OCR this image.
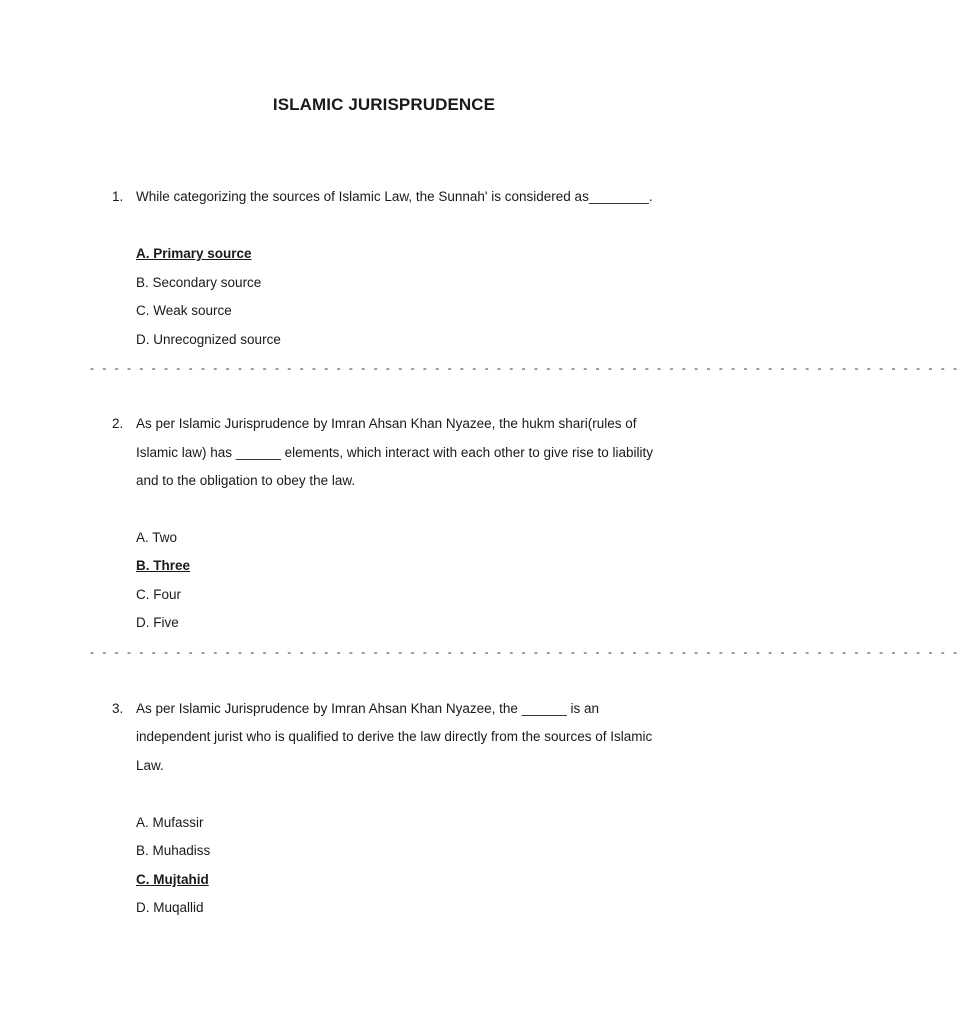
ISLAMIC JURISPRUDENCE
1. While categorizing the sources of Islamic Law, the Sunnah' is considered as________.
A. Primary source
B. Secondary source
C. Weak source
D. Unrecognized source
- - - - - - - - - - - - - - - - - - - - - - - - - - - - - - - - - - - - - - - - - - - - - - - - - - - - - - - - - - - - - - - - - - - - - - -
2. As per Islamic Jurisprudence by Imran Ahsan Khan Nyazee, the hukm shari(rules of
Islamic law) has ______ elements, which interact with each other to give rise to liability
and to the obligation to obey the law.
A. Two
B. Three
C. Four
D. Five
- - - - - - - - - - - - - - - - - - - - - - - - - - - - - - - - - - - - - - - - - - - - - - - - - - - - - - - - - - - - - - - - - - - - - - -
3. As per Islamic Jurisprudence by Imran Ahsan Khan Nyazee, the ______ is an
independent jurist who is qualified to derive the law directly from the sources of Islamic
Law.
A. Mufassir
B. Muhadiss
C. Mujtahid
D. Muqallid
